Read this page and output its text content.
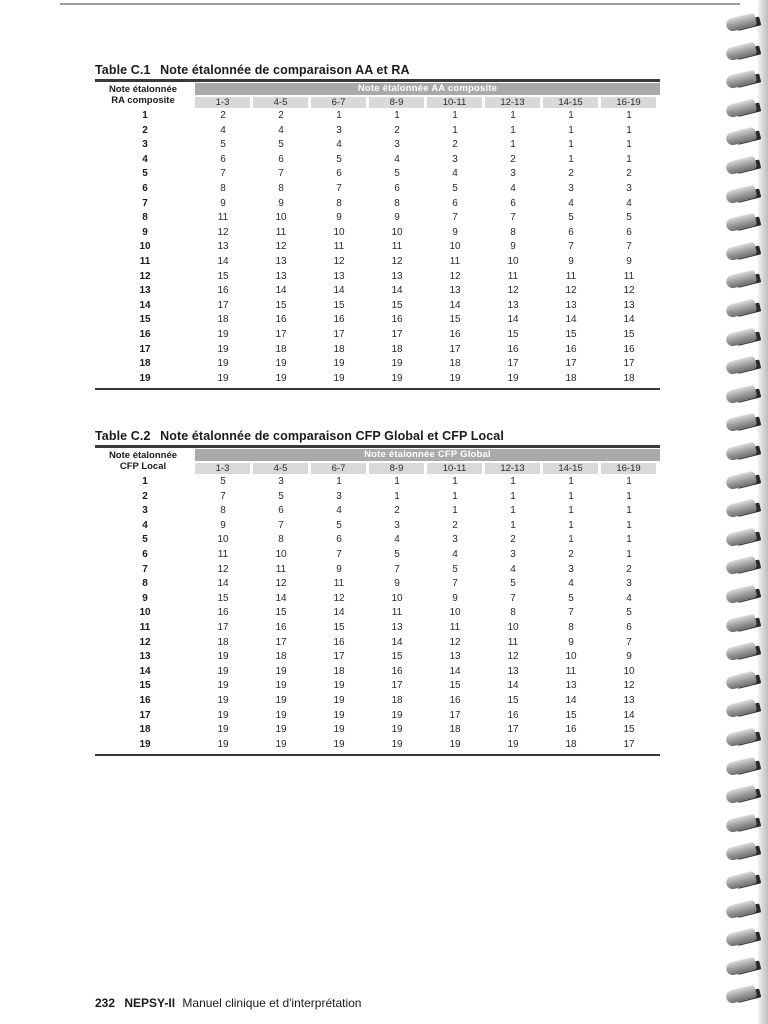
Table C.1 Note étalonnée de comparaison AA et RA
Note étalonnée
RA composite
Note étalonnée AA composite
1-3	4-5	6-7	8-9	10-11	12-13	14-15	16-19
1	2	2	1	1	1	1	1	1
2	4	4	3	2	1	1	1	1
3	5	5	4	3	2	1	1	1
4	6	6	5	4	3	2	1	1
5	7	7	6	5	4	3	2	2
6	8	8	7	6	5	4	3	3
7	9	9	8	8	6	6	4	4
8	11	10	9	9	7	7	5	5
9	12	11	10	10	9	8	6	6
10	13	12	11	11	10	9	7	7
11	14	13	12	12	11	10	9	9
12	15	13	13	13	12	11	11	11
13	16	14	14	14	13	12	12	12
14	17	15	15	15	14	13	13	13
15	18	16	16	16	15	14	14	14
16	19	17	17	17	16	15	15	15
17	19	18	18	18	17	16	16	16
18	19	19	19	19	18	17	17	17
19	19	19	19	19	19	19	18	18
Table C.2 Note étalonnée de comparaison CFP Global et CFP Local
Note étalonnée
CFP Local
Note étalonnée CFP Global
1-3	4-5	6-7	8-9	10-11	12-13	14-15	16-19
1	5	3	1	1	1	1	1	1
2	7	5	3	1	1	1	1	1
3	8	6	4	2	1	1	1	1
4	9	7	5	3	2	1	1	1
5	10	8	6	4	3	2	1	1
6	11	10	7	5	4	3	2	1
7	12	11	9	7	5	4	3	2
8	14	12	11	9	7	5	4	3
9	15	14	12	10	9	7	5	4
10	16	15	14	11	10	8	7	5
11	17	16	15	13	11	10	8	6
12	18	17	16	14	12	11	9	7
13	19	18	17	15	13	12	10	9
14	19	19	18	16	14	13	11	10
15	19	19	19	17	15	14	13	12
16	19	19	19	18	16	15	14	13
17	19	19	19	19	17	16	15	14
18	19	19	19	19	18	17	16	15
19	19	19	19	19	19	19	18	17
232 NEPSY-II Manuel clinique et d'interprétation
